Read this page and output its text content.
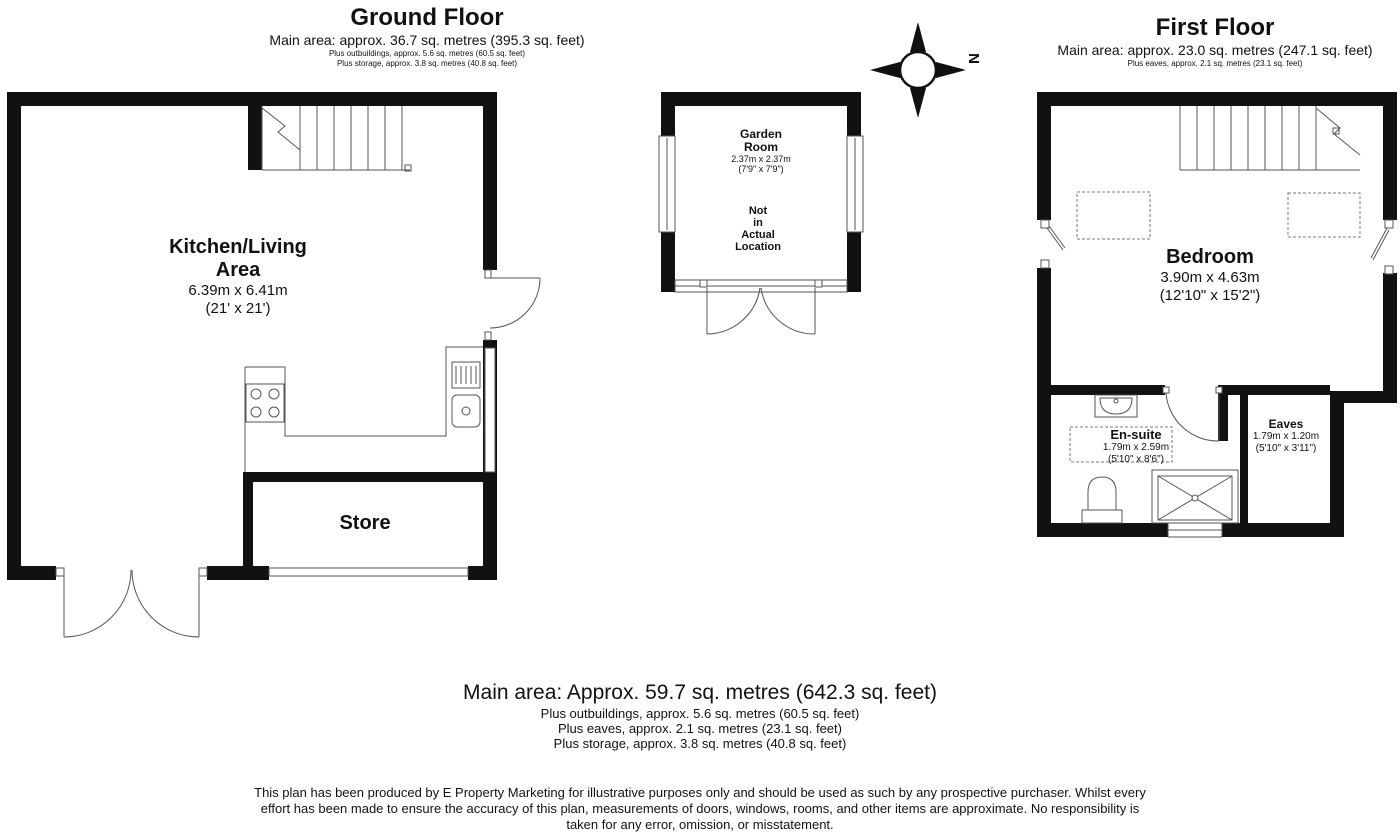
Ground Floor
Main area: approx. 36.7 sq. metres (395.3 sq. feet)
Plus outbuildings, approx. 5.6 sq. metres (60.5 sq. feet)
Plus storage, approx. 3.8 sq. metres (40.8 sq. feet)
Kitchen/Living
Area
6.39m x 6.41m
(21' x 21')
Store
Garden
Room
2.37m x 2.37m
(7'9" x 7'9")
Not
in
Actual
Location
N
First Floor
Main area: approx. 23.0 sq. metres (247.1 sq. feet)
Plus eaves, approx. 2.1 sq. metres (23.1 sq. feet)
Bedroom
3.90m x 4.63m
(12'10" x 15'2")
En-suite
1.79m x 2.59m
(5'10" x 8'6")
Eaves
1.79m x 1.20m
(5'10" x 3'11")
Main area: Approx. 59.7 sq. metres (642.3 sq. feet)
Plus outbuildings, approx. 5.6 sq. metres (60.5 sq. feet)
Plus eaves, approx. 2.1 sq. metres (23.1 sq. feet)
Plus storage, approx. 3.8 sq. metres (40.8 sq. feet)
This plan has been produced by E Property Marketing for illustrative purposes only and should be used as such by any prospective purchaser. Whilst every
effort has been made to ensure the accuracy of this plan, measurements of doors, windows, rooms, and other items are approximate. No responsibility is
taken for any error, omission, or misstatement.
